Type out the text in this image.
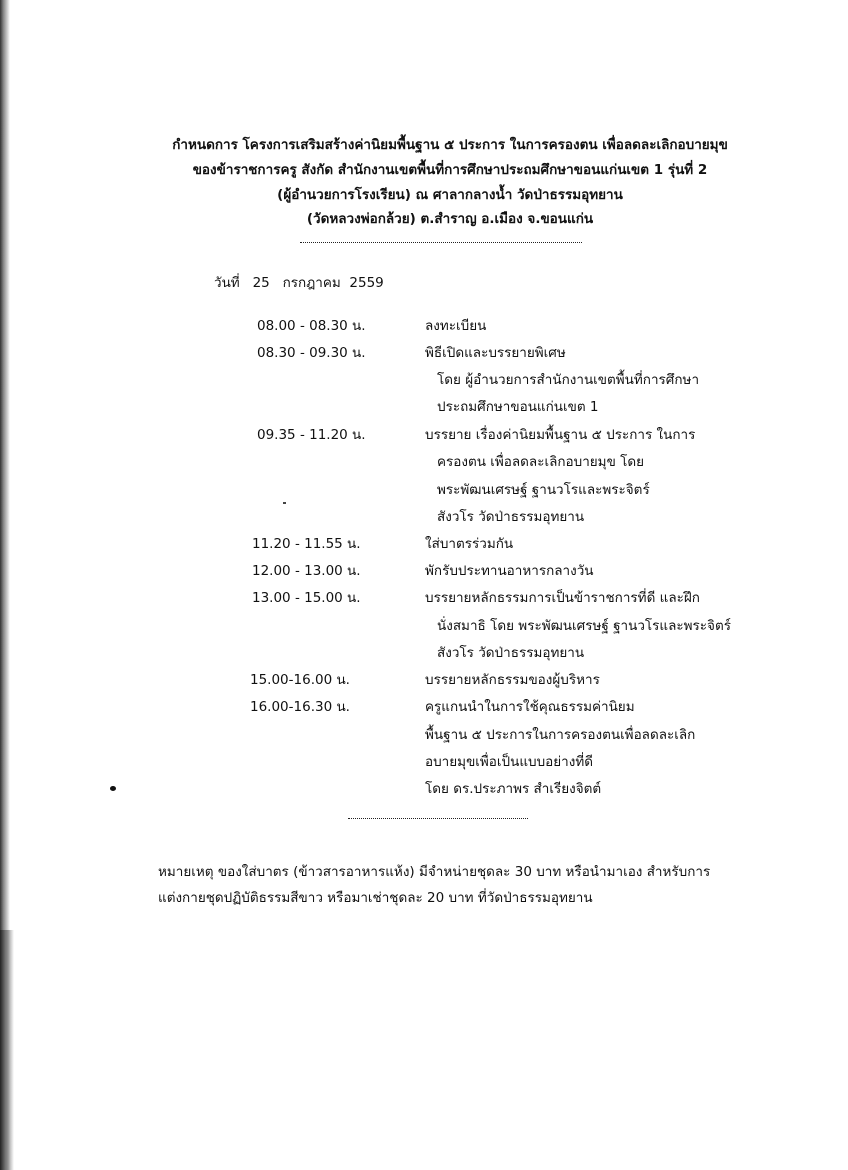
กำหนดการ โครงการเสริมสร้างค่านิยมพื้นฐาน ๕ ประการ ในการครองตน เพื่อลดละเลิกอบายมุข
ของข้าราชการครู สังกัด สำนักงานเขตพื้นที่การศึกษาประถมศึกษาขอนแก่นเขต 1 รุ่นที่ 2
(ผู้อำนวยการโรงเรียน) ณ ศาลากลางน้ำ วัดป่าธรรมอุทยาน
(วัดหลวงพ่อกล้วย) ต.สำราญ อ.เมือง จ.ขอนแก่น
วันที่   25   กรกฎาคม  2559
08.00 - 08.30 น.	ลงทะเบียน
08.30 - 09.30 น.	พิธีเปิดและบรรยายพิเศษ
โดย ผู้อำนวยการสำนักงานเขตพื้นที่การศึกษา
ประถมศึกษาขอนแก่นเขต 1
09.35 - 11.20 น.	บรรยาย เรื่องค่านิยมพื้นฐาน ๕ ประการ ในการ
ครองตน เพื่อลดละเลิกอบายมุข โดย
พระพัฒนเศรษฐ์ ฐานวโรและพระจิตร์
สังวโร วัดป่าธรรมอุทยาน
11.20 - 11.55 น.	ใส่บาตรร่วมกัน
12.00 - 13.00 น.	พักรับประทานอาหารกลางวัน
13.00 - 15.00 น.	บรรยายหลักธรรมการเป็นข้าราชการที่ดี และฝึก
นั่งสมาธิ โดย พระพัฒนเศรษฐ์ ฐานวโรและพระจิตร์
สังวโร วัดป่าธรรมอุทยาน
15.00-16.00 น.	บรรยายหลักธรรมของผู้บริหาร
16.00-16.30 น.	ครูแกนนำในการใช้คุณธรรมค่านิยม
พื้นฐาน ๕ ประการในการครองตนเพื่อลดละเลิก
อบายมุขเพื่อเป็นแบบอย่างที่ดี
โดย ดร.ประภาพร สำเรียงจิตต์
หมายเหตุ ของใส่บาตร (ข้าวสารอาหารแห้ง) มีจำหน่ายชุดละ 30 บาท หรือนำมาเอง สำหรับการ
แต่งกายชุดปฏิบัติธรรมสีขาว หรือมาเช่าชุดละ 20 บาท ที่วัดป่าธรรมอุทยาน
